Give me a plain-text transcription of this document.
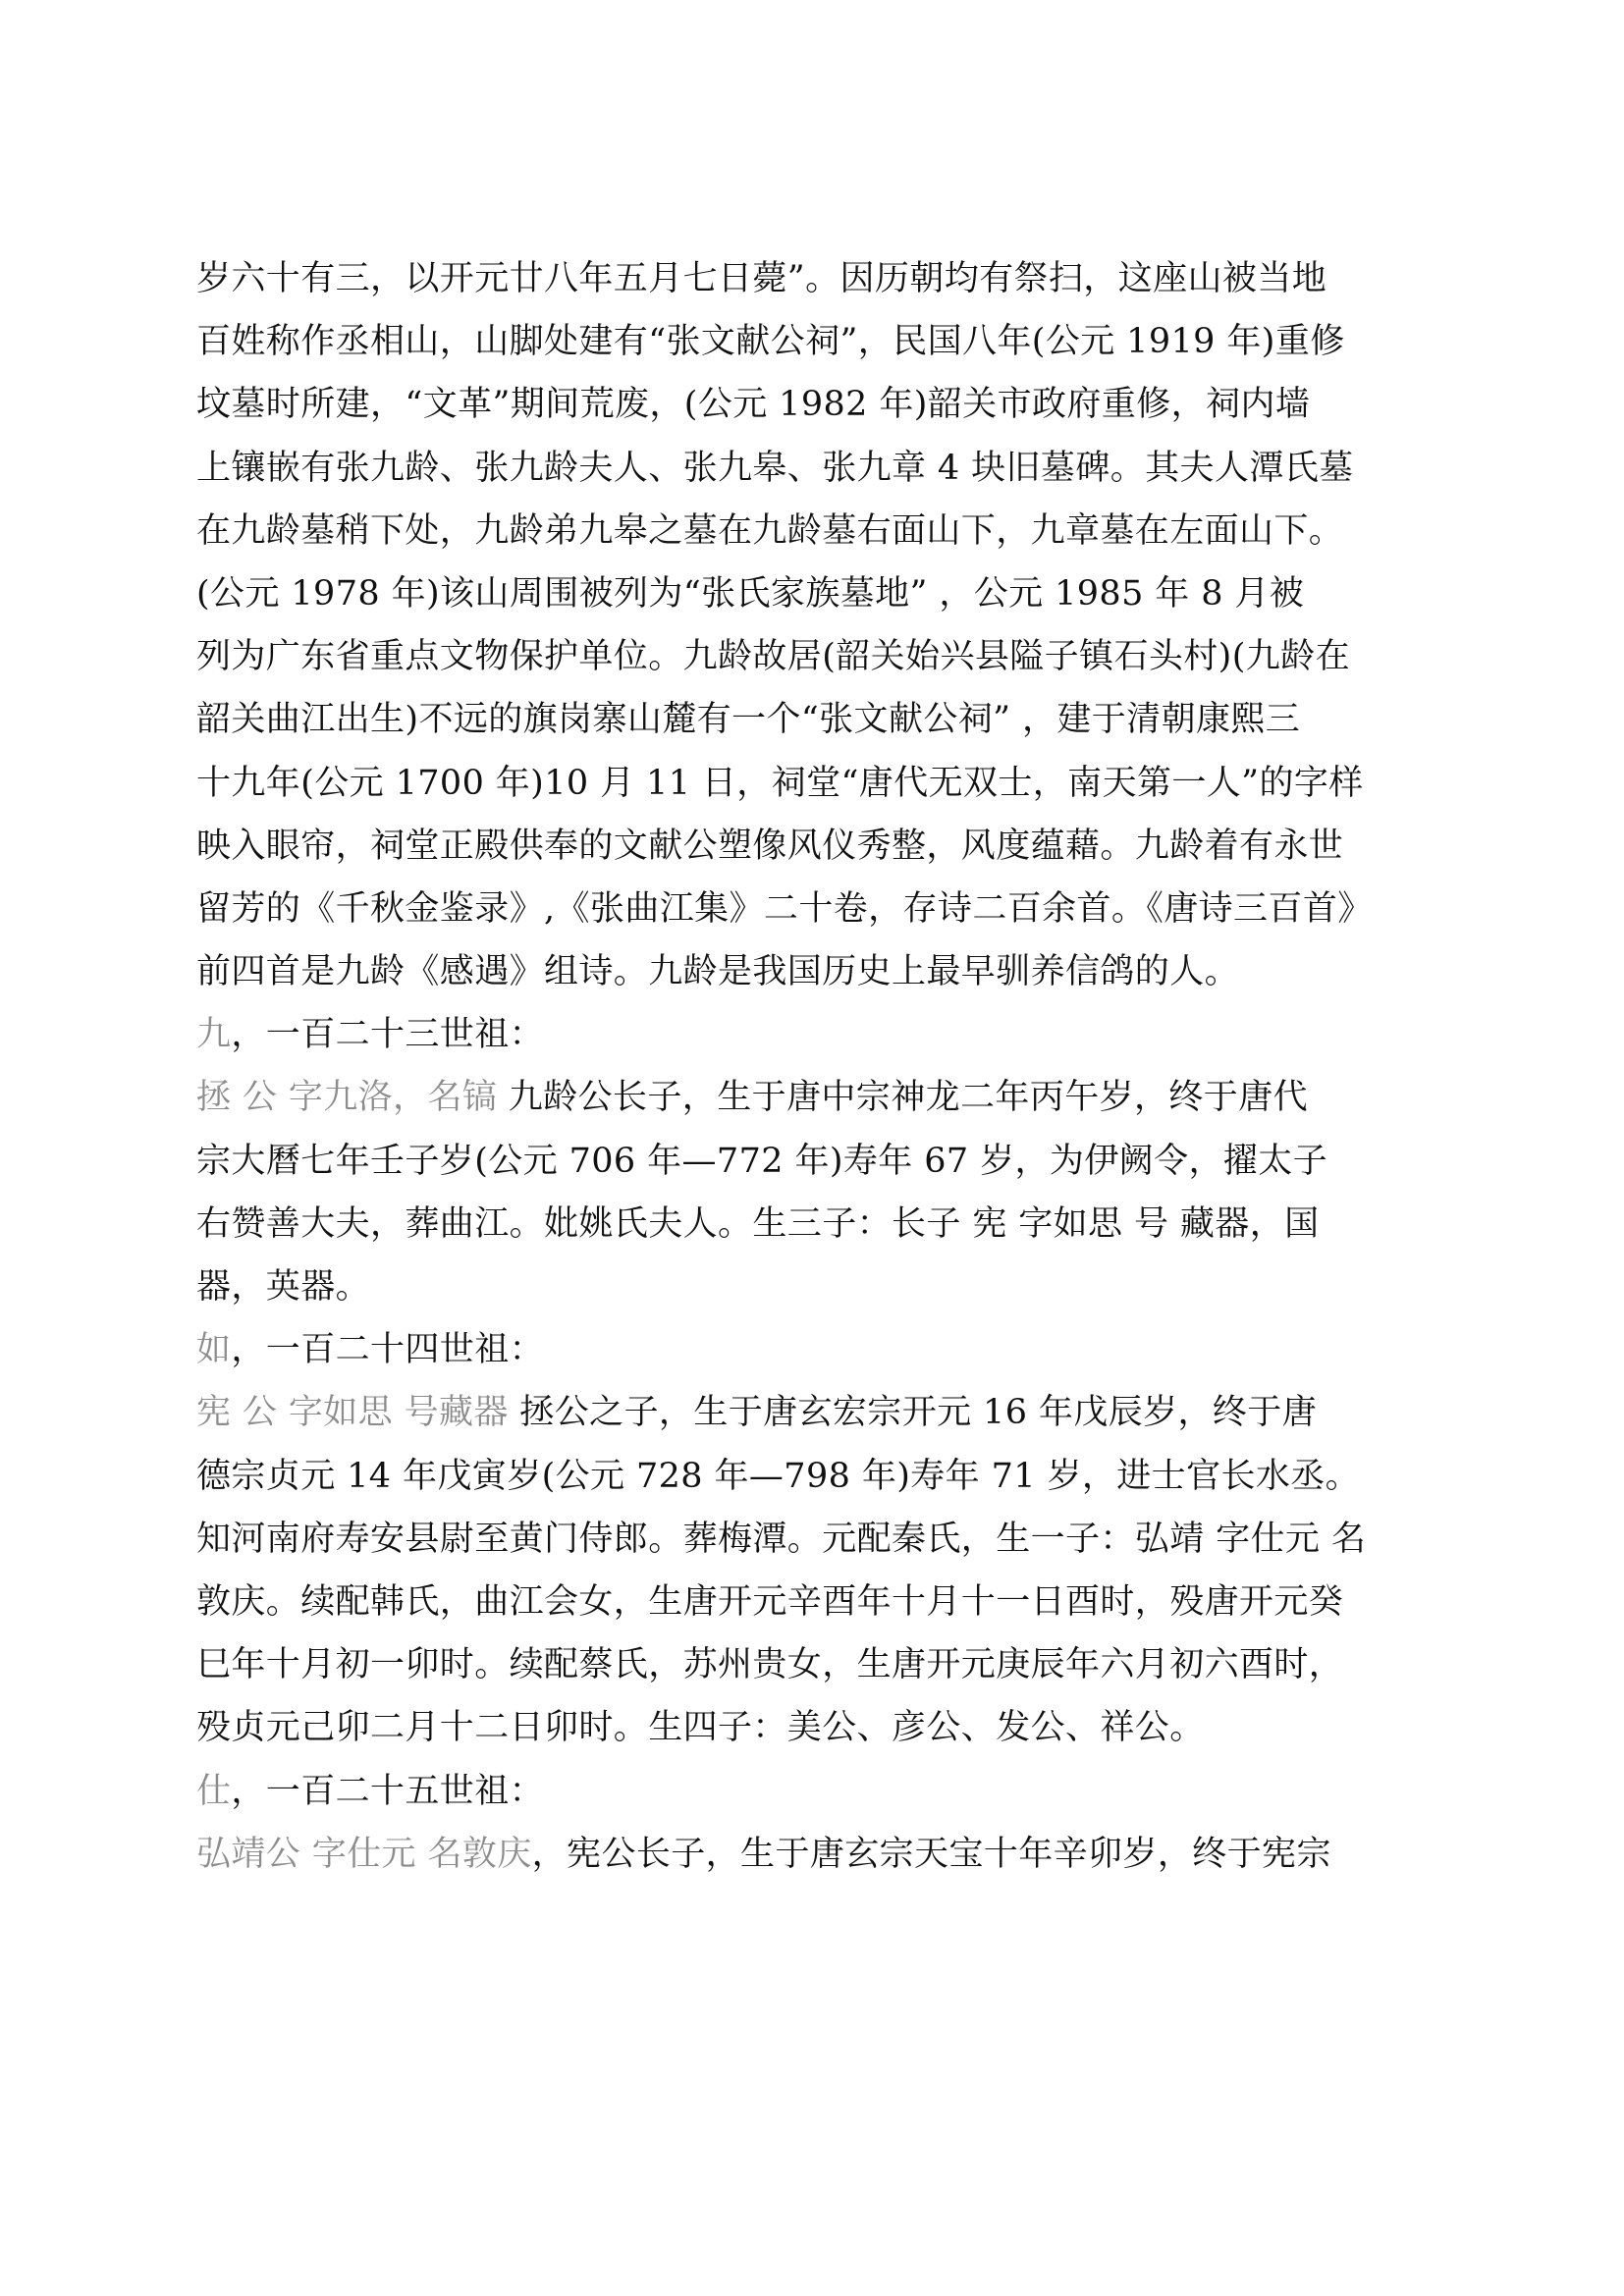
岁六十有三，以开元廿八年五月七日薨”。因历朝均有祭扫，这座山被当地
百姓称作丞相山，山脚处建有“张文献公祠”，民国八年(公元 1919 年)重修
坟墓时所建，“文革”期间荒废，(公元 1982 年)韶关市政府重修，祠内墙
上镶嵌有张九龄、张九龄夫人、张九皋、张九章 4 块旧墓碑。其夫人潭氏墓
在九龄墓稍下处，九龄弟九皋之墓在九龄墓右面山下，九章墓在左面山下。
(公元 1978 年)该山周围被列为“张氏家族墓地” ，公元 1985 年 8 月被
列为广东省重点文物保护单位。九龄故居(韶关始兴县隘子镇石头村)(九龄在
韶关曲江出生)不远的旗岗寨山麓有一个“张文献公祠” ，建于清朝康熙三
十九年(公元 1700 年)10 月 11 日，祠堂“唐代无双士，南天第一人”的字样
映入眼帘，祠堂正殿供奉的文献公塑像风仪秀整，风度蕴藉。九龄着有永世
留芳的《千秋金鉴录》,《张曲江集》二十卷，存诗二百余首。《唐诗三百首》
前四首是九龄《感遇》组诗。九龄是我国历史上最早驯养信鸽的人。
九，一百二十三世祖：
拯 公 字九洛，名镐 九龄公长子，生于唐中宗神龙二年丙午岁，终于唐代
宗大曆七年壬子岁(公元 706 年—772 年)寿年 67 岁，为伊阙令，擢太子
右赞善大夫，葬曲江。妣姚氏夫人。生三子：长子 宪 字如思 号 藏器，国
器，英器。
如，一百二十四世祖：
宪 公 字如思 号藏器 拯公之子，生于唐玄宏宗开元 16 年戊辰岁，终于唐
德宗贞元 14 年戊寅岁(公元 728 年—798 年)寿年 71 岁，进士官长水丞。
知河南府寿安县尉至黄门侍郎。葬梅潭。元配秦氏，生一子：弘靖 字仕元 名
敦庆。续配韩氏，曲江会女，生唐开元辛酉年十月十一日酉时，殁唐开元癸
巳年十月初一卯时。续配蔡氏，苏州贵女，生唐开元庚辰年六月初六酉时，
殁贞元己卯二月十二日卯时。生四子：美公、彦公、发公、祥公。
仕，一百二十五世祖：
弘靖公 字仕元 名敦庆，宪公长子，生于唐玄宗天宝十年辛卯岁，终于宪宗
